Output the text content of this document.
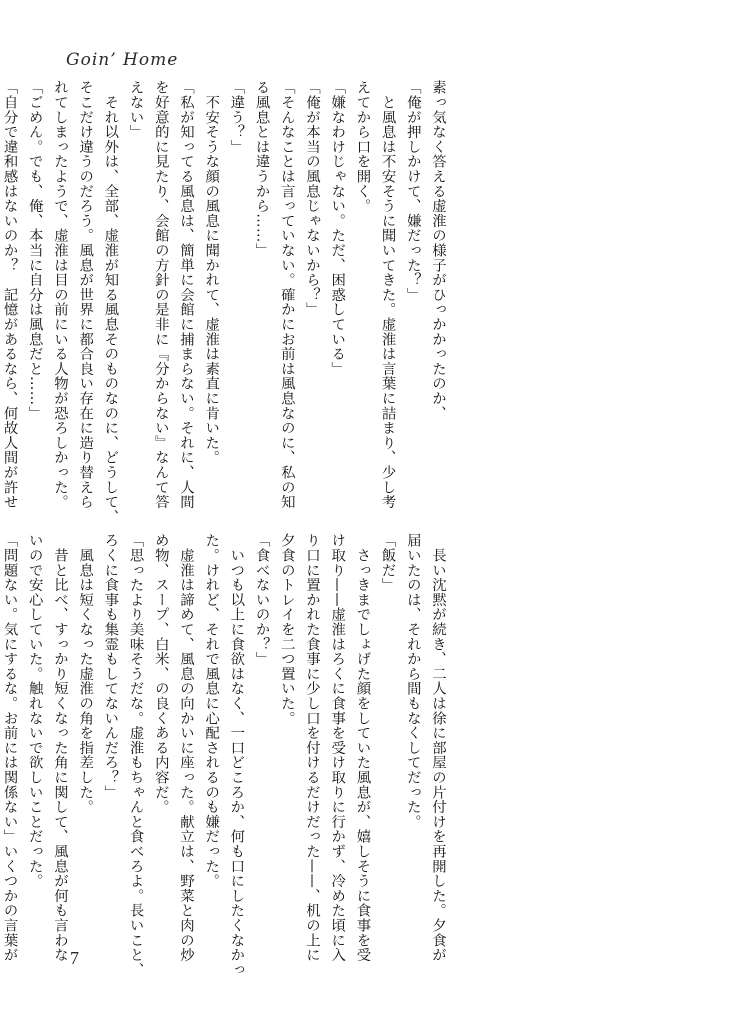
Goin’ Home

素っ気なく答える虚淮の様子がひっかかったのか、

「俺が押しかけて、嫌だった？」

　と風息は不安そうに聞いてきた。虚淮は言葉に詰まり、少し考

えてから口を開く。

「嫌なわけじゃない。ただ、困惑している」

「俺が本当の風息じゃないから？」

「そんなことは言っていない。確かにお前は風息なのに、私の知

る風息とは違うから……」

「違う？」

　不安そうな顔の風息に聞かれて、虚淮は素直に肯いた。

「私が知ってる風息は、簡単に会館に捕まらない。それに、人間

を好意的に見たり、会館の方針の是非に『分からない』なんて答

えない」

　それ以外は、全部、虚淮が知る風息そのものなのに、どうして、

そこだけ違うのだろう。風息が世界に都合良い存在に造り替えら

れてしまったようで、虚淮は目の前にいる人物が恐ろしかった。

「ごめん。でも、俺、本当に自分は風息だと……」

「自分で違和感はないのか？　記憶があるなら、何故人間が許せ

　長い沈黙が続き、二人は徐に部屋の片付けを再開した。夕食が

届いたのは、それから間もなくしてだった。

「飯だ」

　さっきまでしょげた顔をしていた風息が、嬉しそうに食事を受

け取り——虚淮はろくに食事を受け取りに行かず、冷めた頃に入

り口に置かれた食事に少し口を付けるだけだった——、机の上に

夕食のトレイを二つ置いた。

「食べないのか？」

　いつも以上に食欲はなく、一口どころか、何も口にしたくなかっ

た。けれど、それで風息に心配されるのも嫌だった。

　虚淮は諦めて、風息の向かいに座った。献立は、野菜と肉の炒

め物、スープ、白米、の良くある内容だ。

「思ったより美味そうだな。虚淮もちゃんと食べろよ。長いこと、

ろくに食事も集霊もしてないんだろ？」

　風息は短くなった虚淮の角を指差した。

　昔と比べ、すっかり短くなった角に関して、風息が何も言わな

いので安心していた。触れないで欲しいことだった。

「問題ない。気にするな。お前には関係ない」いくつかの言葉が	7
